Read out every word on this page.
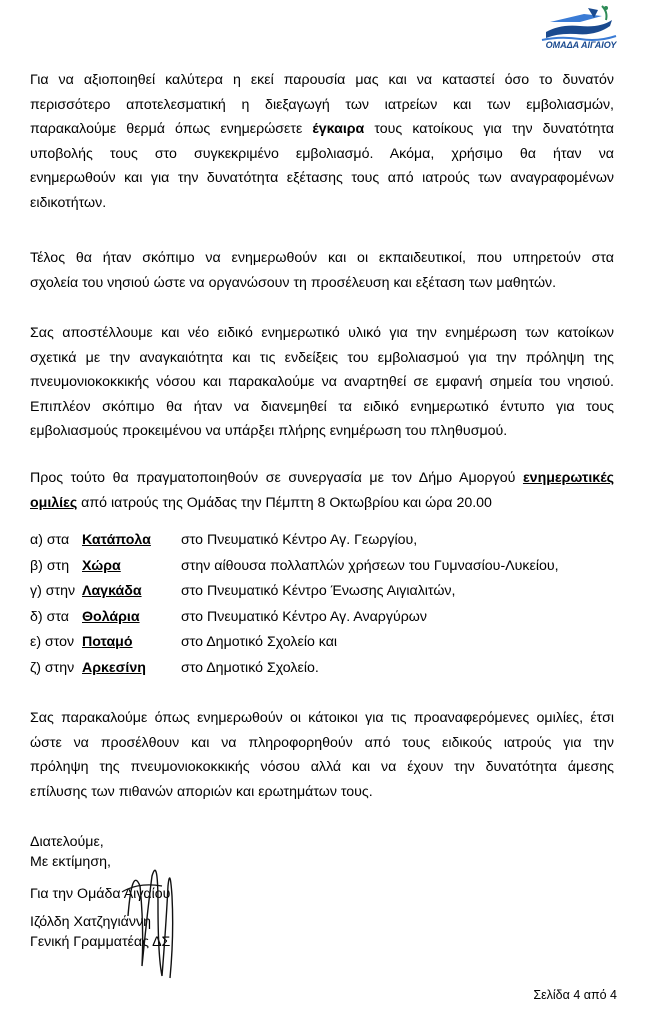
ΟΜΑΔΑ ΑΙΓΑΙΟΥ
Για να αξιοποιηθεί καλύτερα η εκεί παρουσία μας και να καταστεί όσο το δυνατόν
περισσότερο αποτελεσματική η διεξαγωγή των ιατρείων και των εμβολιασμών,
παρακαλούμε θερμά όπως ενημερώσετε έγκαιρα τους κατοίκους για την δυνατότητα
υποβολής τους στο συγκεκριμένο εμβολιασμό. Ακόμα, χρήσιμο θα ήταν να
ενημερωθούν και για την δυνατότητα εξέτασης τους από ιατρούς των αναγραφομένων
ειδικοτήτων.
Τέλος θα ήταν σκόπιμο να ενημερωθούν και οι εκπαιδευτικοί, που υπηρετούν στα
σχολεία του νησιού ώστε να οργανώσουν τη προσέλευση και εξέταση των μαθητών.
Σας αποστέλλουμε και νέο ειδικό ενημερωτικό υλικό για την ενημέρωση των κατοίκων
σχετικά με την αναγκαιότητα και τις ενδείξεις του εμβολιασμού για την πρόληψη της
πνευμονιοκοκκικής νόσου και παρακαλούμε να αναρτηθεί σε εμφανή σημεία του νησιού.
Επιπλέον σκόπιμο θα ήταν να διανεμηθεί τα ειδικό ενημερωτικό έντυπο για τους
εμβολιασμούς προκειμένου να υπάρξει πλήρης ενημέρωση του πληθυσμού.
Προς τούτο θα πραγματοποιηθούν σε συνεργασία με τον Δήμο Αμοργού ενημερωτικές
ομιλίες από ιατρούς της Ομάδας την Πέμπτη 8 Οκτωβρίου και ώρα 20.00
α) στα Κατάπολα στο Πνευματικό Κέντρο Αγ. Γεωργίου,
β) στη Χώρα	στην αίθουσα πολλαπλών χρήσεων του Γυμνασίου-Λυκείου,
γ) στην Λαγκάδα	στο Πνευματικό Κέντρο Ένωσης Αιγιαλιτών,
δ) στα Θολάρια	στο Πνευματικό Κέντρο Αγ. Αναργύρων
ε) στον Ποταμό	στο Δημοτικό Σχολείο και
ζ) στην Αρκεσίνη στο Δημοτικό Σχολείο.
Σας παρακαλούμε όπως ενημερωθούν οι κάτοικοι για τις προαναφερόμενες ομιλίες, έτσι
ώστε να προσέλθουν και να πληροφορηθούν από τους ειδικούς ιατρούς για την
πρόληψη της πνευμονιοκοκκικής νόσου αλλά και να έχουν την δυνατότητα άμεσης
επίλυσης των πιθανών αποριών και ερωτημάτων τους.
Διατελούμε,
Με εκτίμηση,
Για την Ομάδα Αιγαίου
Ιζόλδη Χατζηγιάννη
Γενική Γραμματέας ΔΣ
Σελίδα 4 από 4
